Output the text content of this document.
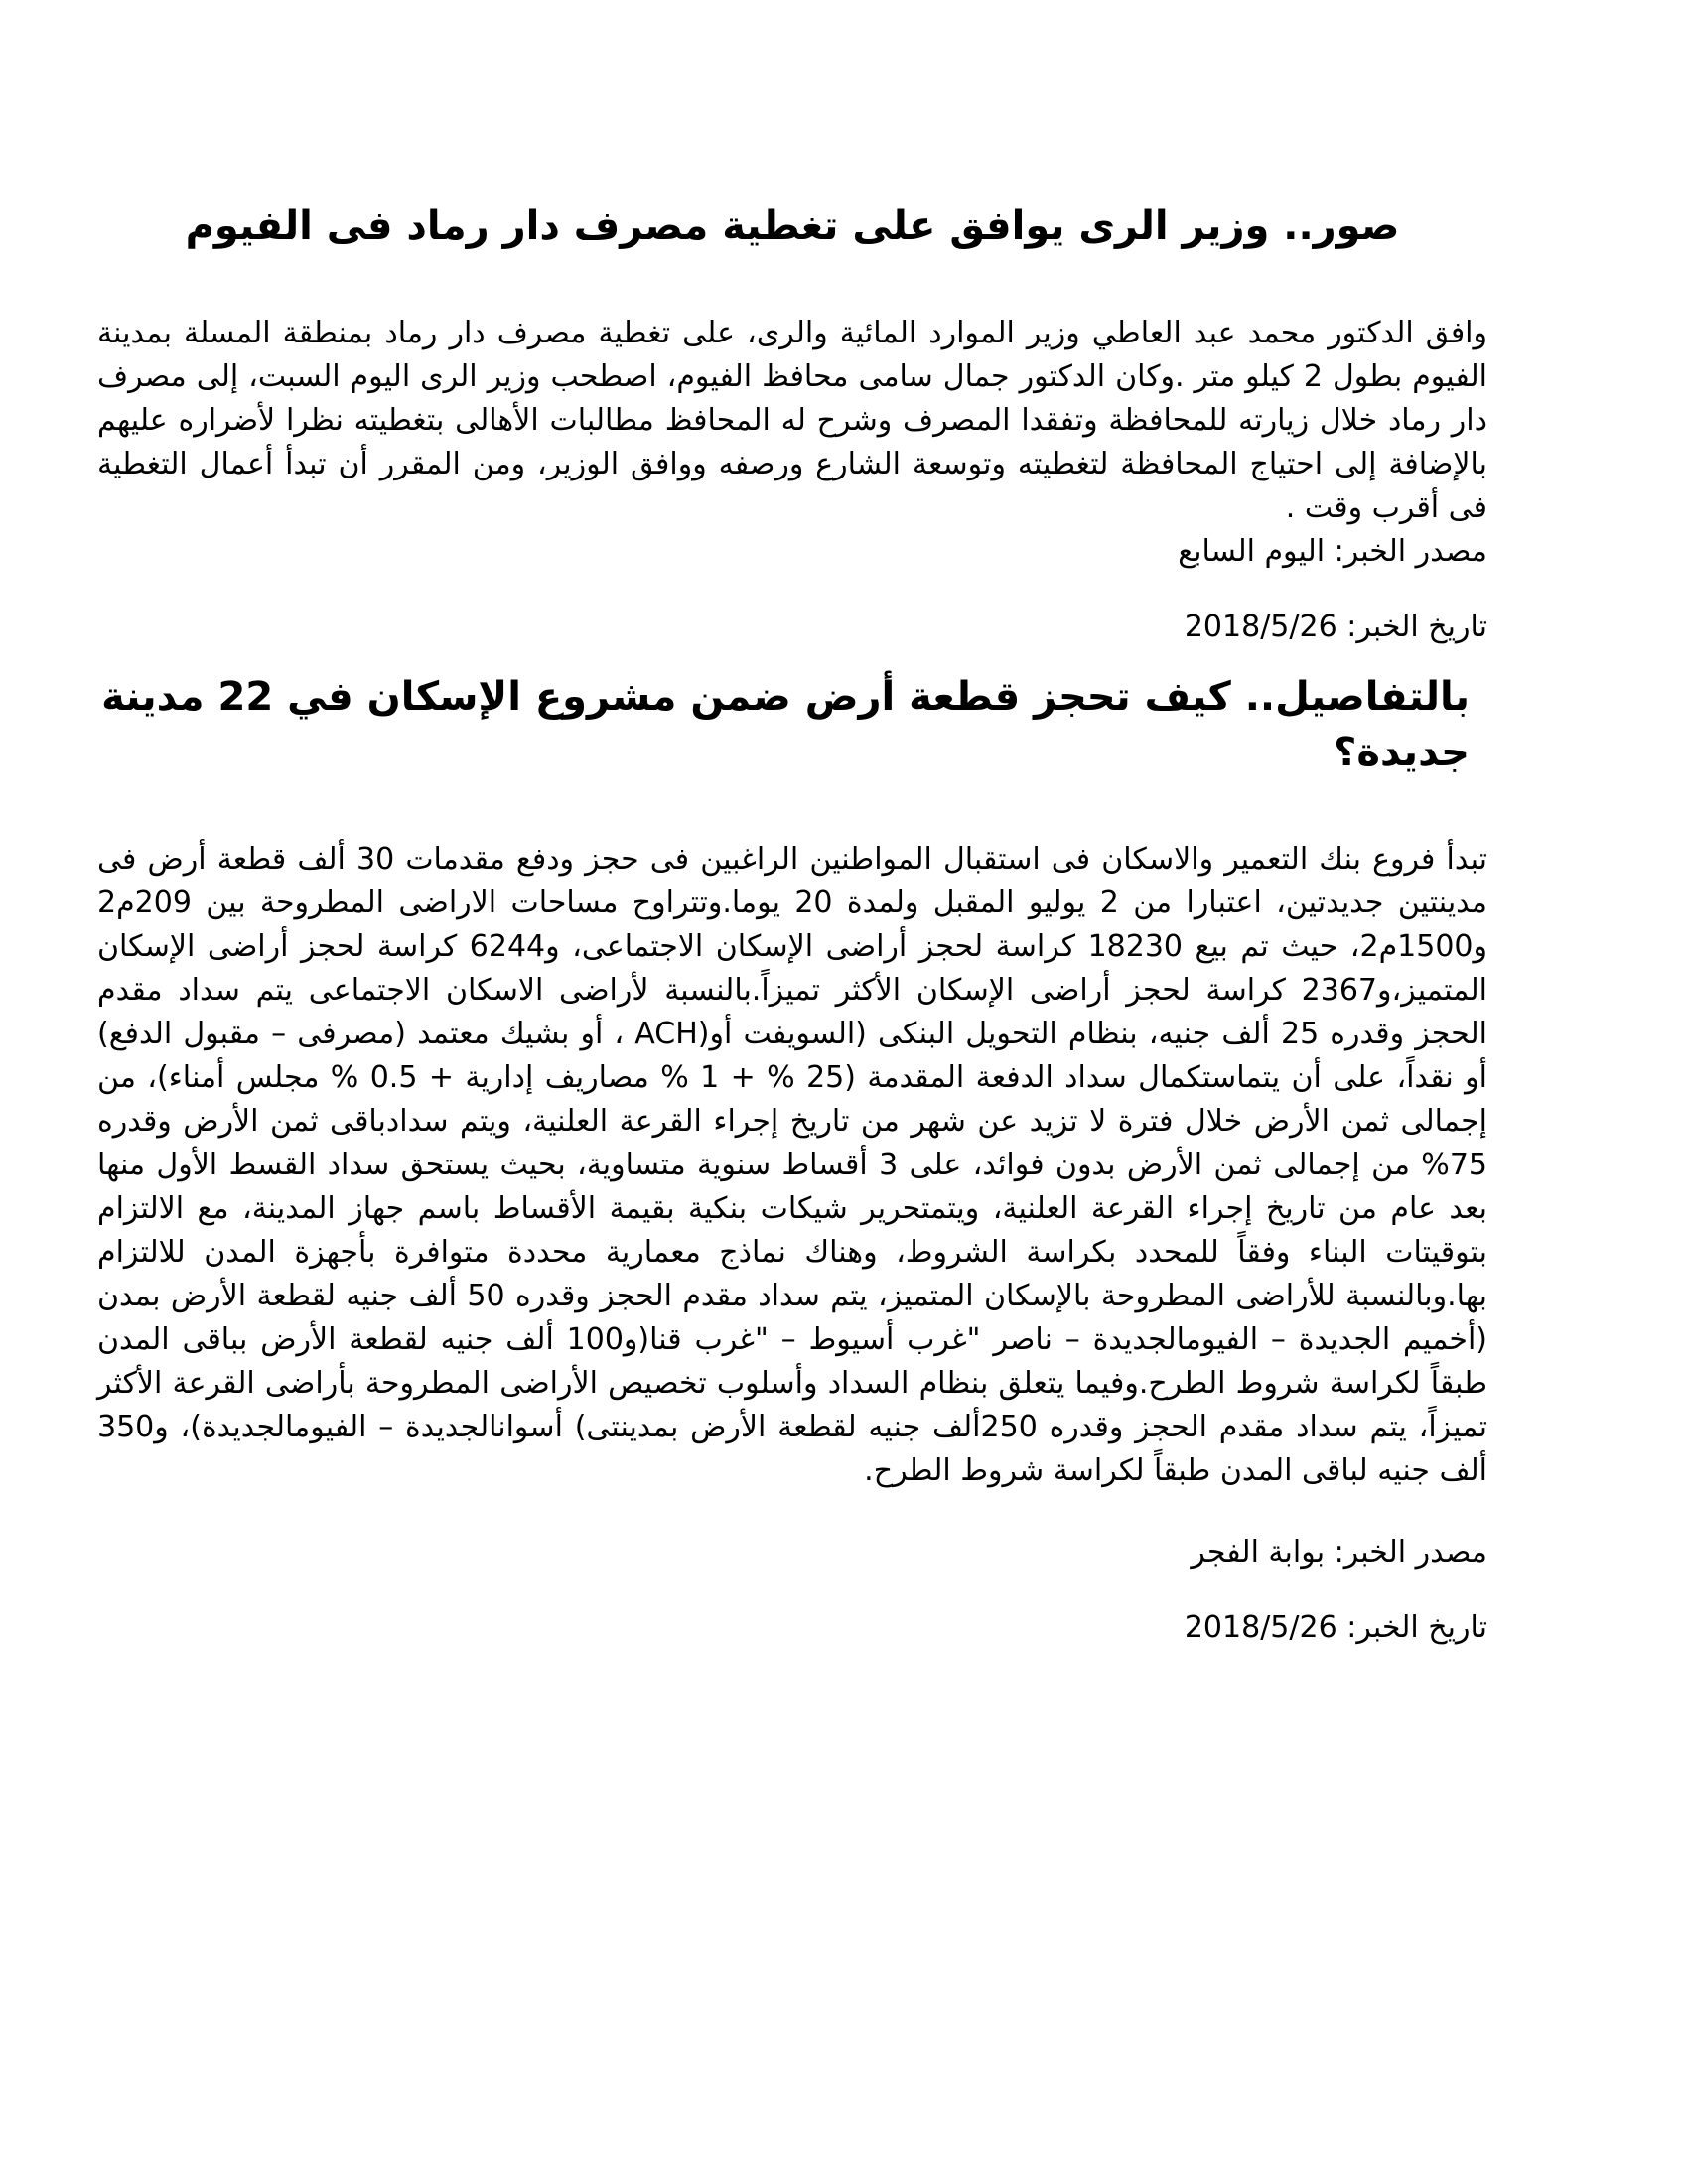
صور.. وزير الرى يوافق على تغطية مصرف دار رماد فى الفيوم

وافق الدكتور محمد عبد العاطي وزير الموارد المائية والرى، على تغطية مصرف دار رماد بمنطقة المسلة بمدينة الفيوم بطول 2 كيلو متر .وكان الدكتور جمال سامى محافظ الفيوم، اصطحب وزير الرى اليوم السبت، إلى مصرف دار رماد خلال زيارته للمحافظة وتفقدا المصرف وشرح له المحافظ مطالبات الأهالى بتغطيته نظرا لأضراره عليهم بالإضافة إلى احتياج المحافظة لتغطيته وتوسعة الشارع ورصفه ووافق الوزير، ومن المقرر أن تبدأ أعمال التغطية فى أقرب وقت .

مصدر الخبر: اليوم السابع

تاريخ الخبر: 2018/5/26

بالتفاصيل.. كيف تحجز قطعة أرض ضمن مشروع الإسكان في 22 مدينة جديدة؟

تبدأ فروع بنك التعمير والاسكان فى استقبال المواطنين الراغبين فى حجز ودفع مقدمات 30 ألف قطعة أرض فى مدينتين جديدتين، اعتبارا من 2 يوليو المقبل ولمدة 20 يوما.وتتراوح مساحات الاراضى المطروحة بين 209م2 و1500م2، حيث تم بيع 18230 كراسة لحجز أراضى الإسكان الاجتماعى، و6244 كراسة لحجز أراضى الإسكان المتميز،و2367 كراسة لحجز أراضى الإسكان الأكثر تميزاً.بالنسبة لأراضى الاسكان الاجتماعى يتم سداد مقدم الحجز وقدره 25 ألف جنيه، بنظام التحويل البنكى (السويفت أو(ACH ، أو بشيك معتمد (مصرفى – مقبول الدفع) أو نقداً، على أن يتماستكمال سداد الدفعة المقدمة (25 % + 1 % مصاريف إدارية + 0.5 % مجلس أمناء)، من إجمالى ثمن الأرض خلال فترة لا تزيد عن شهر من تاريخ إجراء القرعة العلنية، ويتم سدادباقى ثمن الأرض وقدره 75% من إجمالى ثمن الأرض بدون فوائد، على 3 أقساط سنوية متساوية، بحيث يستحق سداد القسط الأول منها بعد عام من تاريخ إجراء القرعة العلنية، ويتمتحرير شيكات بنكية بقيمة الأقساط باسم جهاز المدينة، مع الالتزام بتوقيتات البناء وفقاً للمحدد بكراسة الشروط، وهناك نماذج معمارية محددة متوافرة بأجهزة المدن للالتزام بها.وبالنسبة للأراضى المطروحة بالإسكان المتميز، يتم سداد مقدم الحجز وقدره 50 ألف جنيه لقطعة الأرض بمدن (أخميم الجديدة – الفيومالجديدة – ناصر "غرب أسيوط – "غرب قنا(و100 ألف جنيه لقطعة الأرض بباقى المدن طبقاً لكراسة شروط الطرح.وفيما يتعلق بنظام السداد وأسلوب تخصيص الأراضى المطروحة بأراضى القرعة الأكثر تميزاً، يتم سداد مقدم الحجز وقدره 250ألف جنيه لقطعة الأرض بمدينتى) أسوانالجديدة – الفيومالجديدة)، و350 ألف جنيه لباقى المدن طبقاً لكراسة شروط الطرح.

مصدر الخبر: بوابة الفجر

تاريخ الخبر: 2018/5/26
